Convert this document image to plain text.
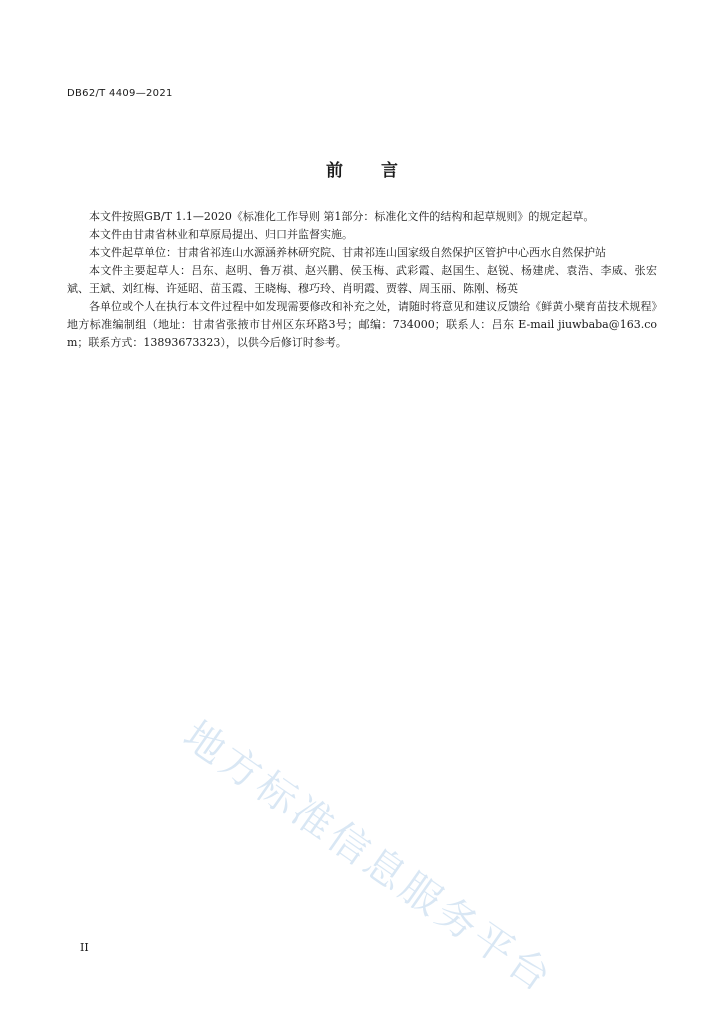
DB62/T 4409—2021
前言

本文件按照GB/T 1.1—2020《标准化工作导则 第1部分：标准化文件的结构和起草规则》的规定起草。

本文件由甘肃省林业和草原局提出、归口并监督实施。

本文件起草单位：甘肃省祁连山水源涵养林研究院、甘肃祁连山国家级自然保护区管护中心西水自然保护站

本文件主要起草人：吕东、赵明、鲁万祺、赵兴鹏、侯玉梅、武彩霞、赵国生、赵锐、杨建虎、袁浩、李威、张宏斌、王斌、刘红梅、许延昭、苗玉霞、王晓梅、穆巧玲、肖明霞、贾蓉、周玉丽、陈刚、杨英

各单位或个人在执行本文件过程中如发现需要修改和补充之处，请随时将意见和建议反馈给《鲜黄小檗育苗技术规程》地方标准编制组（地址：甘肃省张掖市甘州区东环路3号；邮编：734000；联系人：吕东 E-mail jiuwbaba@163.com；联系方式：13893673323），以供今后修订时参考。

地方标准信息服务平台
II
